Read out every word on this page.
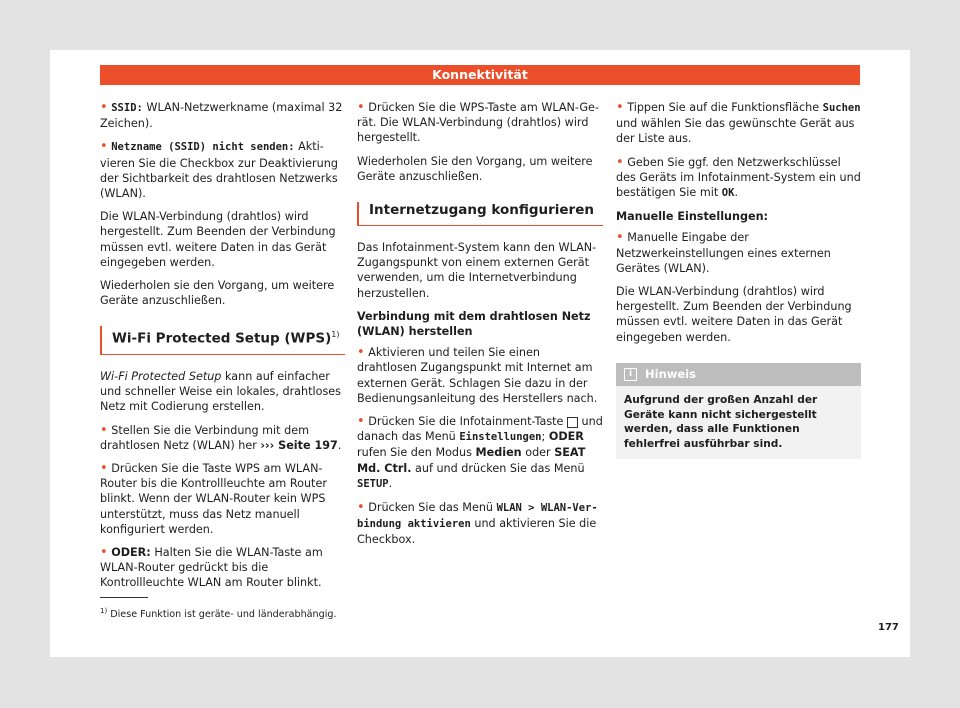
Konnektivität

• SSID: WLAN-Netzwerkname (maximal 32 Zeichen).

• Netzname (SSID) nicht senden: Aktivieren Sie die Checkbox zur Deaktivierung der Sichtbarkeit des drahtlosen Netzwerks (WLAN).

Die WLAN-Verbindung (drahtlos) wird hergestellt. Zum Beenden der Verbindung müssen evtl. weitere Daten in das Gerät eingegeben werden.

Wiederholen sie den Vorgang, um weitere Geräte anzuschließen.

Wi-Fi Protected Setup (WPS)$^{1)}$

Wi-Fi Protected Setup kann auf einfacher und schneller Weise ein lokales, drahtloses Netz mit Codierung erstellen.

• Stellen Sie die Verbindung mit dem drahtlosen Netz (WLAN) her ››› Seite 197.

• Drücken Sie die Taste WPS am WLAN-Router bis die Kontrollleuchte am Router blinkt. Wenn der WLAN-Router kein WPS unterstützt, muss das Netz manuell konfiguriert werden.

• ODER: Halten Sie die WLAN-Taste am WLAN-Router gedrückt bis die Kontrollleuchte WLAN am Router blinkt.

• Drücken Sie die WPS-Taste am WLAN-Gerät. Die WLAN-Verbindung (drahtlos) wird hergestellt.

Wiederholen Sie den Vorgang, um weitere Geräte anzuschließen.

Internetzugang konfigurieren

Das Infotainment-System kann den WLAN-Zugangspunkt von einem externen Gerät verwenden, um die Internetverbindung herzustellen.

Verbindung mit dem drahtlosen Netz (WLAN) herstellen

• Aktivieren und teilen Sie einen drahtlosen Zugangspunkt mit Internet am externen Gerät. Schlagen Sie dazu in der Bedienungsanleitung des Herstellers nach.

• Drücken Sie die Infotainment-Taste und danach das Menü Einstellungen; ODER rufen Sie den Modus Medien oder SEAT Md. Ctrl. auf und drücken Sie das Menü SETUP.

• Drücken Sie das Menü WLAN > WLAN-Verbindung aktivieren und aktivieren Sie die Checkbox.

• Tippen Sie auf die Funktionsfläche Suchen und wählen Sie das gewünschte Gerät aus der Liste aus.

• Geben Sie ggf. den Netzwerkschlüssel des Geräts im Infotainment-System ein und bestätigen Sie mit OK.

Manuelle Einstellungen:

• Manuelle Eingabe der Netzwerkeinstellungen eines externen Gerätes (WLAN).

Die WLAN-Verbindung (drahtlos) wird hergestellt. Zum Beenden der Verbindung müssen evtl. weitere Daten in das Gerät eingegeben werden.

i	Hinweis
Aufgrund der großen Anzahl der Geräte kann nicht sichergestellt werden, dass alle Funktionen fehlerfrei ausführbar sind.
$^{1)}$ Diese Funktion ist geräte- und länderabhängig.
177
